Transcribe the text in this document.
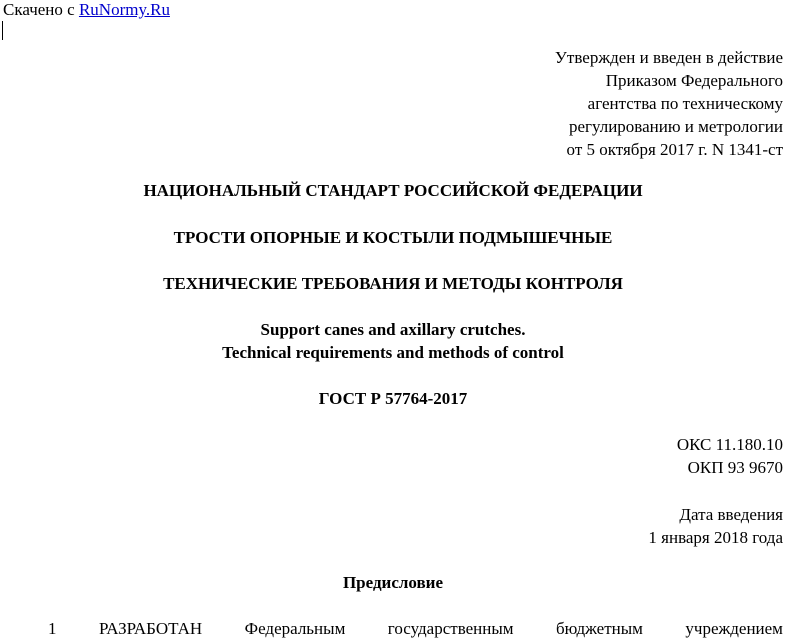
Скачено с RuNormy.Ru
Утвержден и введен в действие
Приказом Федерального
агентства по техническому
регулированию и метрологии
от 5 октября 2017 г. N 1341-ст
НАЦИОНАЛЬНЫЙ СТАНДАРТ РОССИЙСКОЙ ФЕДЕРАЦИИ
ТРОСТИ ОПОРНЫЕ И КОСТЫЛИ ПОДМЫШЕЧНЫЕ
ТЕХНИЧЕСКИЕ ТРЕБОВАНИЯ И МЕТОДЫ КОНТРОЛЯ
Support canes and axillary crutches.
Technical requirements and methods of control
ГОСТ Р 57764-2017
ОКС 11.180.10
ОКП 93 9670
Дата введения
1 января 2018 года
Предисловие
1 РАЗРАБОТАН Федеральным государственным бюджетным учреждением
